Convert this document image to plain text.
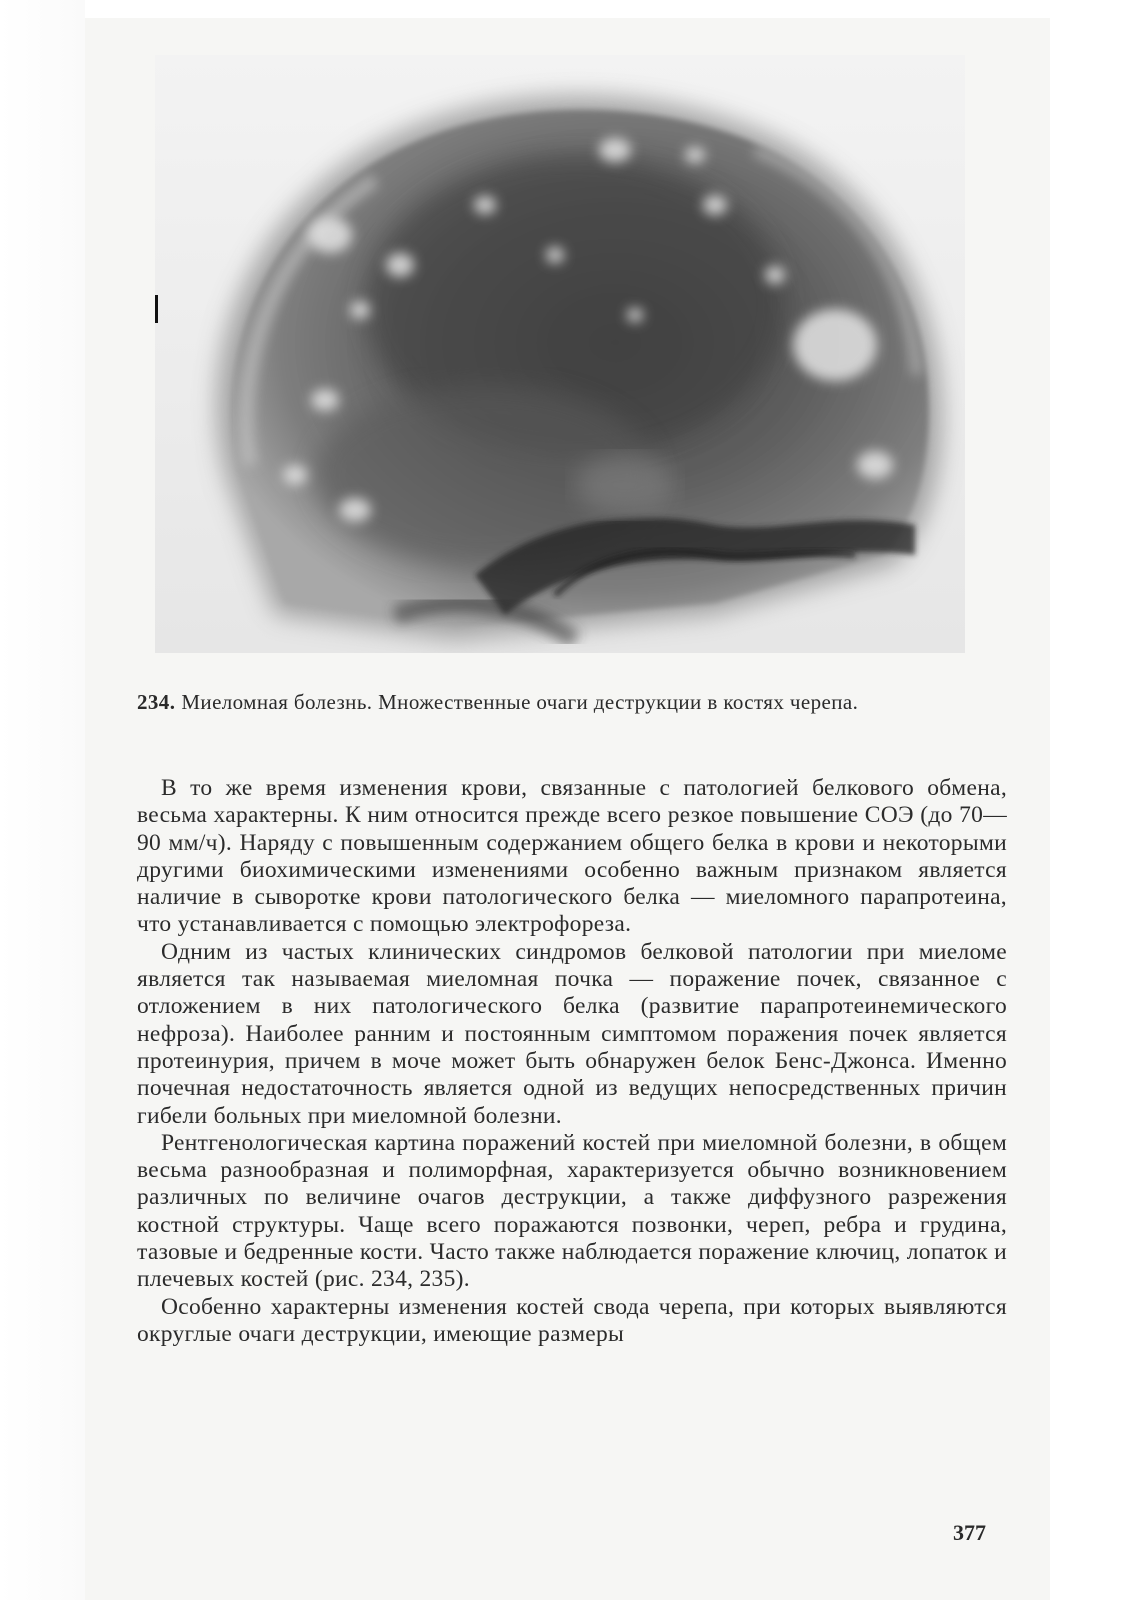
234. Миеломная болезнь. Множественные очаги деструкции в костях черепа.

В то же время изменения крови, связанные с патологией белкового обмена, весьма характерны. К ним относится прежде всего резкое повышение СОЭ (до 70—90 мм/ч). Наряду с повышенным содержанием общего белка в крови и некоторыми другими биохимическими изменениями особенно важным признаком является наличие в сыворотке крови патологического белка — миеломного парапротеина, что устанавливается с помощью электрофореза.

Одним из частых клинических синдромов белковой патологии при миеломе является так называемая миеломная почка — поражение почек, связанное с отложением в них патологического белка (развитие парапротеинемического нефроза). Наиболее ранним и постоянным симптомом поражения почек является протеинурия, причем в моче может быть обнаружен белок Бенс-Джонса. Именно почечная недостаточность является одной из ведущих непосредственных причин гибели больных при миеломной болезни.

Рентгенологическая картина поражений костей при миеломной болезни, в общем весьма разнообразная и полиморфная, характеризуется обычно возникновением различных по величине очагов деструкции, а также диффузного разрежения костной структуры. Чаще всего поражаются позвонки, череп, ребра и грудина, тазовые и бедренные кости. Часто также наблюдается поражение ключиц, лопаток и плечевых костей (рис. 234, 235).

Особенно характерны изменения костей свода черепа, при которых выявляются округлые очаги деструкции, имеющие размеры

377
